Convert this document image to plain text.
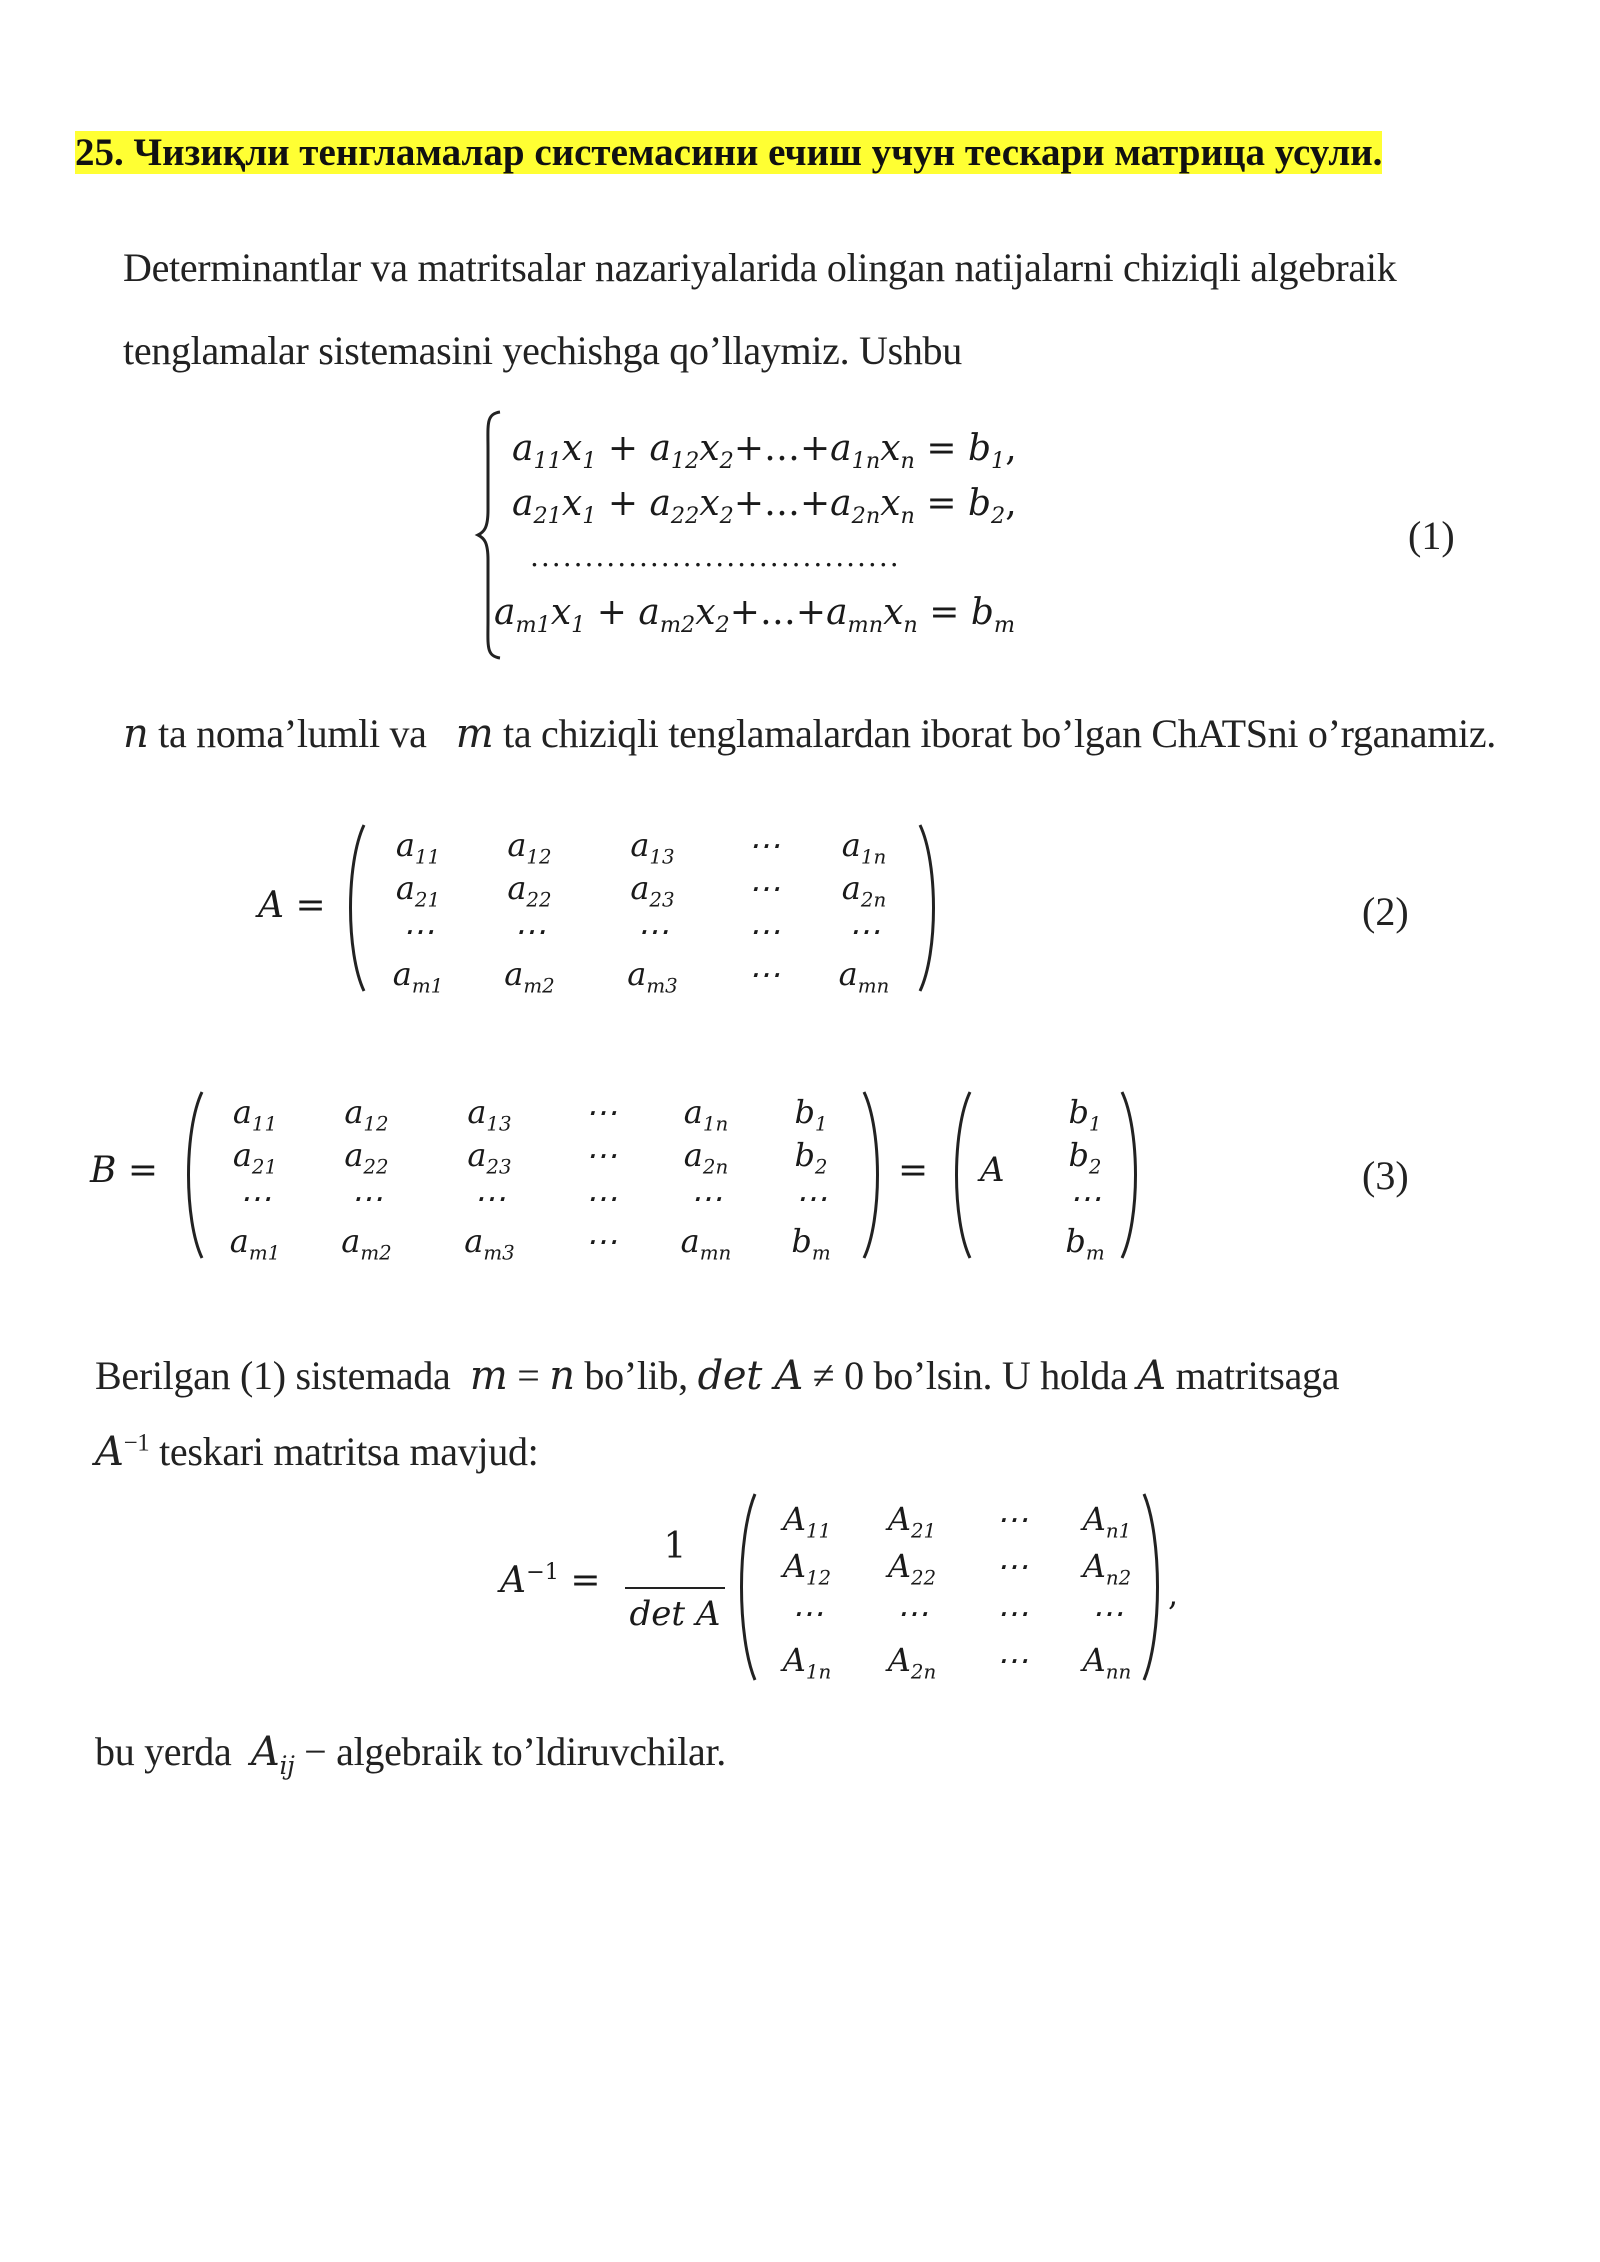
25. Чизиқли тенгламалар системасини ечиш учун тескари матрица усули.
Determinantlar va matritsalar nazariyalarida olingan natijalarni chiziqli algebraik
tenglamalar sistemasini yechishga qo’llaymiz. Ushbu
$a_{11}x_1$ + $a_{12}x_2+\dots+a_{1n}x_n = b_1$,
$a_{21}x_1$ + $a_{22}x_2+\dots+a_{2n}x_n = b_2$,
..................................
$a_{m1}x_1$ + $a_{m2}x_2+\dots+a_{mn}x_n = b_m$
(1)
n ta noma’lumli va m ta chiziqli tenglamalardan iborat bo’lgan ChATSni o’rganamiz.
A =
$a_{11}$	$a_{12}$	$a_{13}$	⋯	$a_{1n}$
$a_{21}$	$a_{22}$	$a_{23}$	⋯	$a_{2n}$
⋯	⋯	⋯	⋯	⋯
$a_{m1}$	$a_{m2}$	$a_{m3}$	⋯	$a_{mn}$
(2)
B =
$a_{11}$	$a_{12}$	$a_{13}$	⋯	$a_{1n}$	$b_1$
$a_{21}$	$a_{22}$	$a_{23}$	⋯	$a_{2n}$	$b_2$
⋯	⋯	⋯	⋯	⋯	⋯
$a_{m1}$	$a_{m2}$	$a_{m3}$	⋯	$a_{mn}$	$b_m$
= A
$b_1$
$b_2$
⋯
$b_m$
(3)
Berilgan (1) sistemada m = n bo’lib, det A ≠ 0 bo’lsin. U holda A matritsaga
$A^{-1}$ teskari matritsa mavjud:
$A^{-1}$ =
1
det A
$A_{11}$	$A_{21}$	⋯	$A_{n1}$
$A_{12}$	$A_{22}$	⋯	$A_{n2}$
⋯	⋯	⋯	⋯
$A_{1n}$	$A_{2n}$	⋯	$A_{nn}$
,
bu yerda $A_{ij}$ − algebraik to’ldiruvchilar.
